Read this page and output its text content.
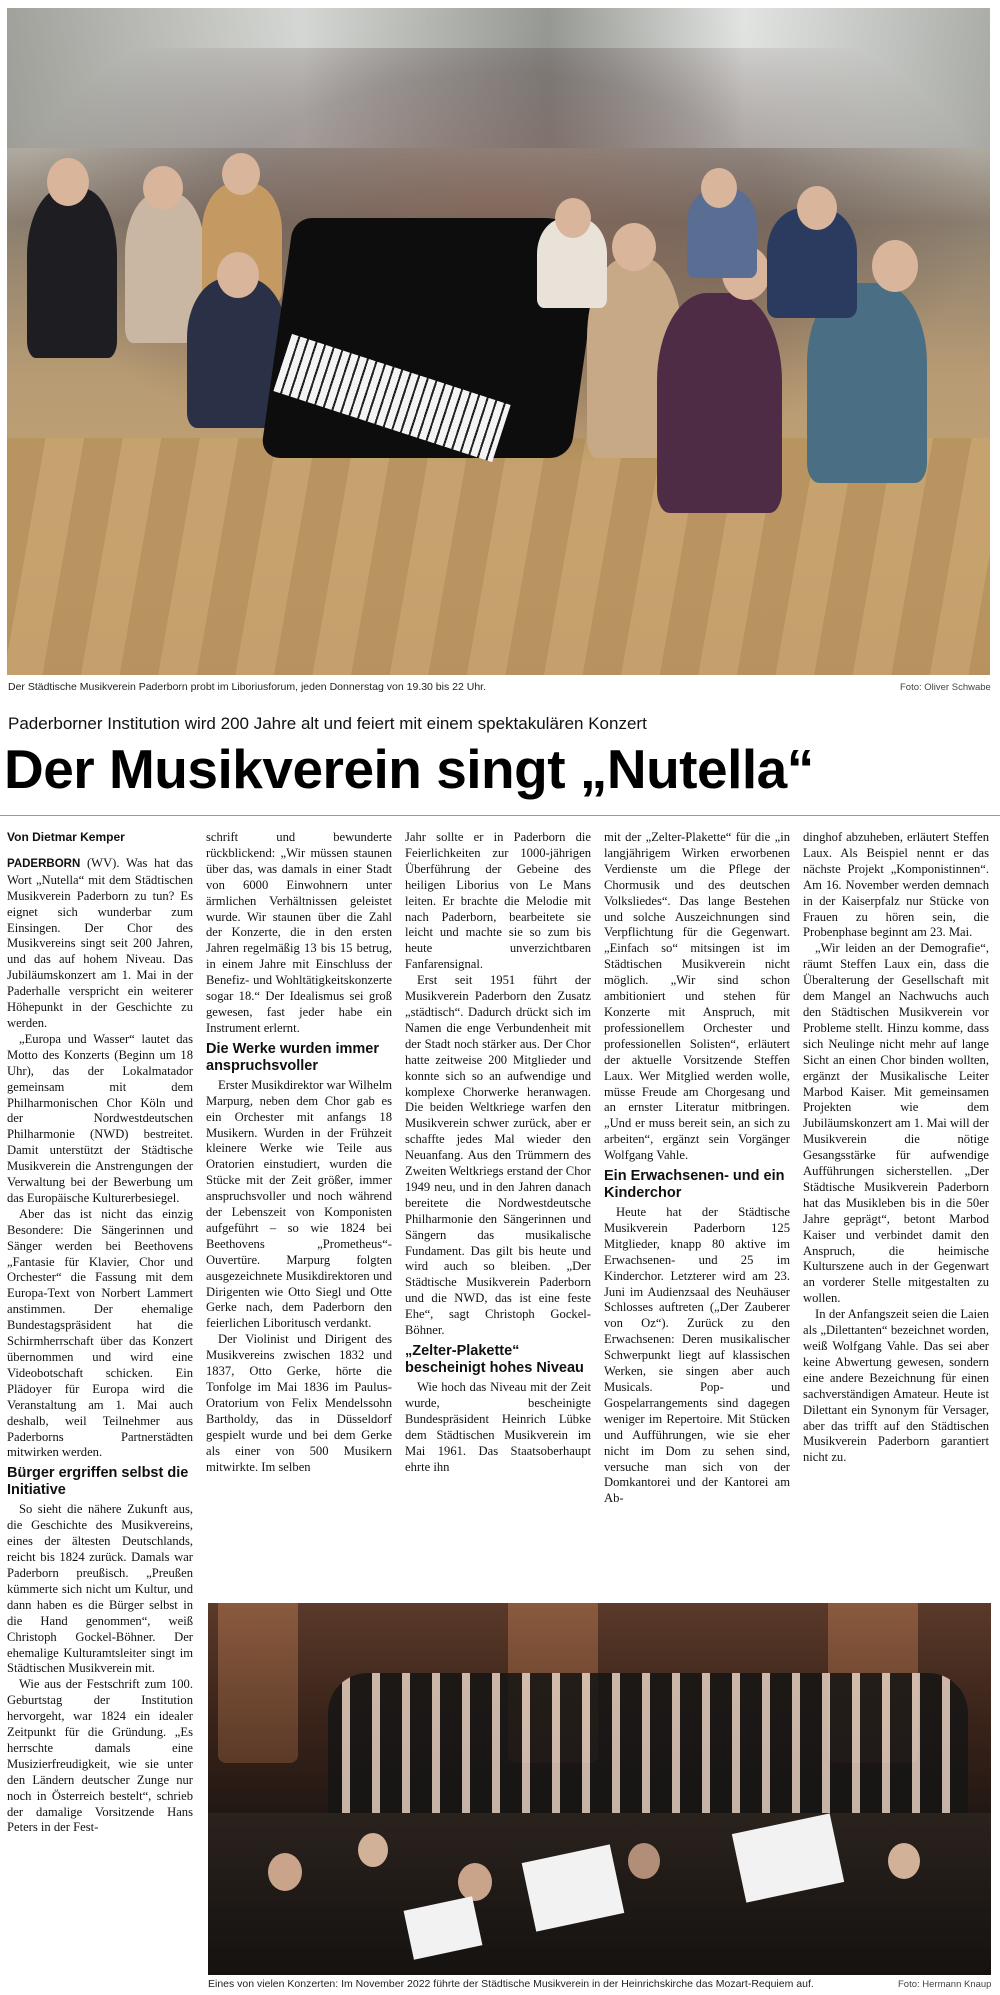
Der Städtische Musikverein Paderborn probt im Liboriusforum, jeden Donnerstag von 19.30 bis 22 Uhr.	Foto: Oliver Schwabe
Paderborner Institution wird 200 Jahre alt und feiert mit einem spektakulären Konzert
Der Musikverein singt „Nutella“
Von Dietmar Kemper

PADERBORN (WV). Was hat das Wort „Nutella“ mit dem Städtischen Musikverein Paderborn zu tun? Es eignet sich wunderbar zum Einsingen. Der Chor des Musikvereins singt seit 200 Jahren, und das auf hohem Niveau. Das Jubiläumskonzert am 1. Mai in der Paderhalle verspricht ein weiterer Höhepunkt in der Geschichte zu werden.

„Europa und Wasser“ lautet das Motto des Konzerts (Beginn um 18 Uhr), das der Lokalmatador gemeinsam mit dem Philharmonischen Chor Köln und der Nordwestdeutschen Philharmonie (NWD) bestreitet. Damit unterstützt der Städtische Musikverein die Anstrengungen der Verwaltung bei der Bewerbung um das Europäische Kulturerbesiegel.

Aber das ist nicht das einzig Besondere: Die Sängerinnen und Sänger werden bei Beethovens „Fantasie für Klavier, Chor und Orchester“ die Fassung mit dem Europa-Text von Norbert Lammert anstimmen. Der ehemalige Bundestagspräsident hat die Schirmherrschaft über das Konzert übernommen und wird eine Videobotschaft schicken. Ein Plädoyer für Europa wird die Veranstaltung am 1. Mai auch deshalb, weil Teilnehmer aus Paderborns Partnerstädten mitwirken werden.

Bürger ergriffen selbst die Initiative

So sieht die nähere Zukunft aus, die Geschichte des Musikvereins, eines der ältesten Deutschlands, reicht bis 1824 zurück. Damals war Paderborn preußisch. „Preußen kümmerte sich nicht um Kultur, und dann haben es die Bürger selbst in die Hand genommen“, weiß Christoph Gockel-Böhner. Der ehemalige Kulturamtsleiter singt im Städtischen Musikverein mit.

Wie aus der Festschrift zum 100. Geburtstag der Institution hervorgeht, war 1824 ein idealer Zeitpunkt für die Gründung. „Es herrschte damals eine Musizierfreudigkeit, wie sie unter den Ländern deutscher Zunge nur noch in Österreich bestelt“, schrieb der damalige Vorsitzende Hans Peters in der Fest-

schrift und bewunderte rückblickend: „Wir müssen staunen über das, was damals in einer Stadt von 6000 Einwohnern unter ärmlichen Verhältnissen geleistet wurde. Wir staunen über die Zahl der Konzerte, die in den ersten Jahren regelmäßig 13 bis 15 betrug, in einem Jahre mit Einschluss der Benefiz- und Wohltätigkeitskonzerte sogar 18.“ Der Idealismus sei groß gewesen, fast jeder habe ein Instrument erlernt.

Die Werke wurden immer anspruchsvoller

Erster Musikdirektor war Wilhelm Marpurg, neben dem Chor gab es ein Orchester mit anfangs 18 Musikern. Wurden in der Frühzeit kleinere Werke wie Teile aus Oratorien einstudiert, wurden die Stücke mit der Zeit größer, immer anspruchsvoller und noch während der Lebenszeit von Komponisten aufgeführt – so wie 1824 bei Beethovens „Prometheus“-Ouvertüre. Marpurg folgten ausgezeichnete Musikdirektoren und Dirigenten wie Otto Siegl und Otte Gerke nach, dem Paderborn den feierlichen Liboritusch verdankt.

Der Violinist und Dirigent des Musikvereins zwischen 1832 und 1837, Otto Gerke, hörte die Tonfolge im Mai 1836 im Paulus-Oratorium von Felix Mendelssohn Bartholdy, das in Düsseldorf gespielt wurde und bei dem Gerke als einer von 500 Musikern mitwirkte. Im selben

Jahr sollte er in Paderborn die Feierlichkeiten zur 1000-jährigen Überführung der Gebeine des heiligen Liborius von Le Mans leiten. Er brachte die Melodie mit nach Paderborn, bearbeitete sie leicht und machte sie so zum bis heute unverzichtbaren Fanfarensignal.

Erst seit 1951 führt der Musikverein Paderborn den Zusatz „städtisch“. Dadurch drückt sich im Namen die enge Verbundenheit mit der Stadt noch stärker aus. Der Chor hatte zeitweise 200 Mitglieder und konnte sich so an aufwendige und komplexe Chorwerke heranwagen. Die beiden Weltkriege warfen den Musikverein schwer zurück, aber er schaffte jedes Mal wieder den Neuanfang. Aus den Trümmern des Zweiten Weltkriegs erstand der Chor 1949 neu, und in den Jahren danach bereitete die Nordwestdeutsche Philharmonie den Sängerinnen und Sängern das musikalische Fundament. Das gilt bis heute und wird auch so bleiben. „Der Städtische Musikverein Paderborn und die NWD, das ist eine feste Ehe“, sagt Christoph Gockel-Böhner.

„Zelter-Plakette“ bescheinigt hohes Niveau

Wie hoch das Niveau mit der Zeit wurde, bescheinigte Bundespräsident Heinrich Lübke dem Städtischen Musikverein im Mai 1961. Das Staatsoberhaupt ehrte ihn

mit der „Zelter-Plakette“ für die „in langjährigem Wirken erworbenen Verdienste um die Pflege der Chormusik und des deutschen Volksliedes“. Das lange Bestehen und solche Auszeichnungen sind Verpflichtung für die Gegenwart. „Einfach so“ mitsingen ist im Städtischen Musikverein nicht möglich. „Wir sind schon ambitioniert und stehen für Konzerte mit Anspruch, mit professionellem Orchester und professionellen Solisten“, erläutert der aktuelle Vorsitzende Steffen Laux. Wer Mitglied werden wolle, müsse Freude am Chorgesang und an ernster Literatur mitbringen. „Und er muss bereit sein, an sich zu arbeiten“, ergänzt sein Vorgänger Wolfgang Vahle.

Ein Erwachsenen- und ein Kinderchor

Heute hat der Städtische Musikverein Paderborn 125 Mitglieder, knapp 80 aktive im Erwachsenen- und 25 im Kinderchor. Letzterer wird am 23. Juni im Audienzsaal des Neuhäuser Schlosses auftreten („Der Zauberer von Oz“). Zurück zu den Erwachsenen: Deren musikalischer Schwerpunkt liegt auf klassischen Werken, sie singen aber auch Musicals. Pop- und Gospelarrangements sind dagegen weniger im Repertoire. Mit Stücken und Aufführungen, wie sie eher nicht im Dom zu sehen sind, versuche man sich von der Domkantorei und der Kantorei am Ab-

dinghof abzuheben, erläutert Steffen Laux. Als Beispiel nennt er das nächste Projekt „Komponistinnen“. Am 16. November werden demnach in der Kaiserpfalz nur Stücke von Frauen zu hören sein, die Probenphase beginnt am 23. Mai.

„Wir leiden an der Demografie“, räumt Steffen Laux ein, dass die Überalterung der Gesellschaft mit dem Mangel an Nachwuchs auch den Städtischen Musikverein vor Probleme stellt. Hinzu komme, dass sich Neulinge nicht mehr auf lange Sicht an einen Chor binden wollten, ergänzt der Musikalische Leiter Marbod Kaiser. Mit gemeinsamen Projekten wie dem Jubiläumskonzert am 1. Mai will der Musikverein die nötige Gesangsstärke für aufwendige Aufführungen sicherstellen. „Der Städtische Musikverein Paderborn hat das Musikleben bis in die 50er Jahre geprägt“, betont Marbod Kaiser und verbindet damit den Anspruch, die heimische Kulturszene auch in der Gegenwart an vorderer Stelle mitgestalten zu wollen.

In der Anfangszeit seien die Laien als „Dilettanten“ bezeichnet worden, weiß Wolfgang Vahle. Das sei aber keine Abwertung gewesen, sondern eine andere Bezeichnung für einen sachverständigen Amateur. Heute ist Dilettant ein Synonym für Versager, aber das trifft auf den Städtischen Musikverein Paderborn garantiert nicht zu.

Eines von vielen Konzerten: Im November 2022 führte der Städtische Musikverein in der Heinrichskirche das Mozart-Requiem auf.	Foto: Hermann Knaup
